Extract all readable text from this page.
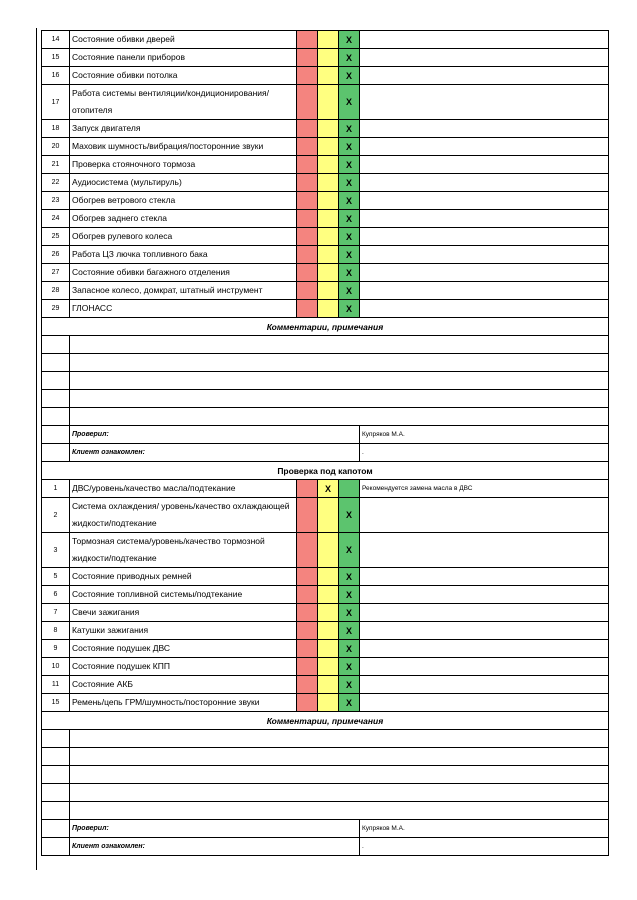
14	Состояние обивки дверей			X	
15	Состояние панели приборов			X	
16	Состояние обивки потолка			X	
17	Работа системы вентиляции/кондиционирования/ отопителя			X	
18	Запуск двигателя			X	
20	Маховик шумность/вибрация/посторонние звуки			X	
21	Проверка стояночного тормоза			X	
22	Аудиосистема (мультируль)			X	
23	Обогрев ветрового стекла			X	
24	Обогрев заднего стекла			X	
25	Обогрев рулевого колеса			X	
26	Работа ЦЗ лючка топливного бака			X	
27	Состояние обивки багажного отделения			X	
28	Запасное колесо, домкрат, штатный инструмент			X	
29	ГЛОНАСС			X	
Комментарии, примечания					

	Проверил:				Купряков М.А.
	Клиент ознакомлен:				.
Проверка под капотом					
1	ДВС/уровень/качество масла/подтекание		X		Рекомендуется замена масла в ДВС
2	Система охлаждения/ уровень/качество охлаждающей жидкости/подтекание			X	
3	Тормозная система/уровень/качество тормозной жидкости/подтекание			X	
5	Состояние приводных ремней			X	
6	Состояние топливной системы/подтекание			X	
7	Свечи зажигания			X	
8	Катушки зажигания			X	
9	Состояние подушек ДВС			X	
10	Состояние подушек КПП			X	
11	Состояние АКБ			X	
15	Ремень/цепь ГРМ/шумность/посторонние звуки			X	
Комментарии, примечания					

	Проверил:				Купряков М.А.
	Клиент ознакомлен:				.
